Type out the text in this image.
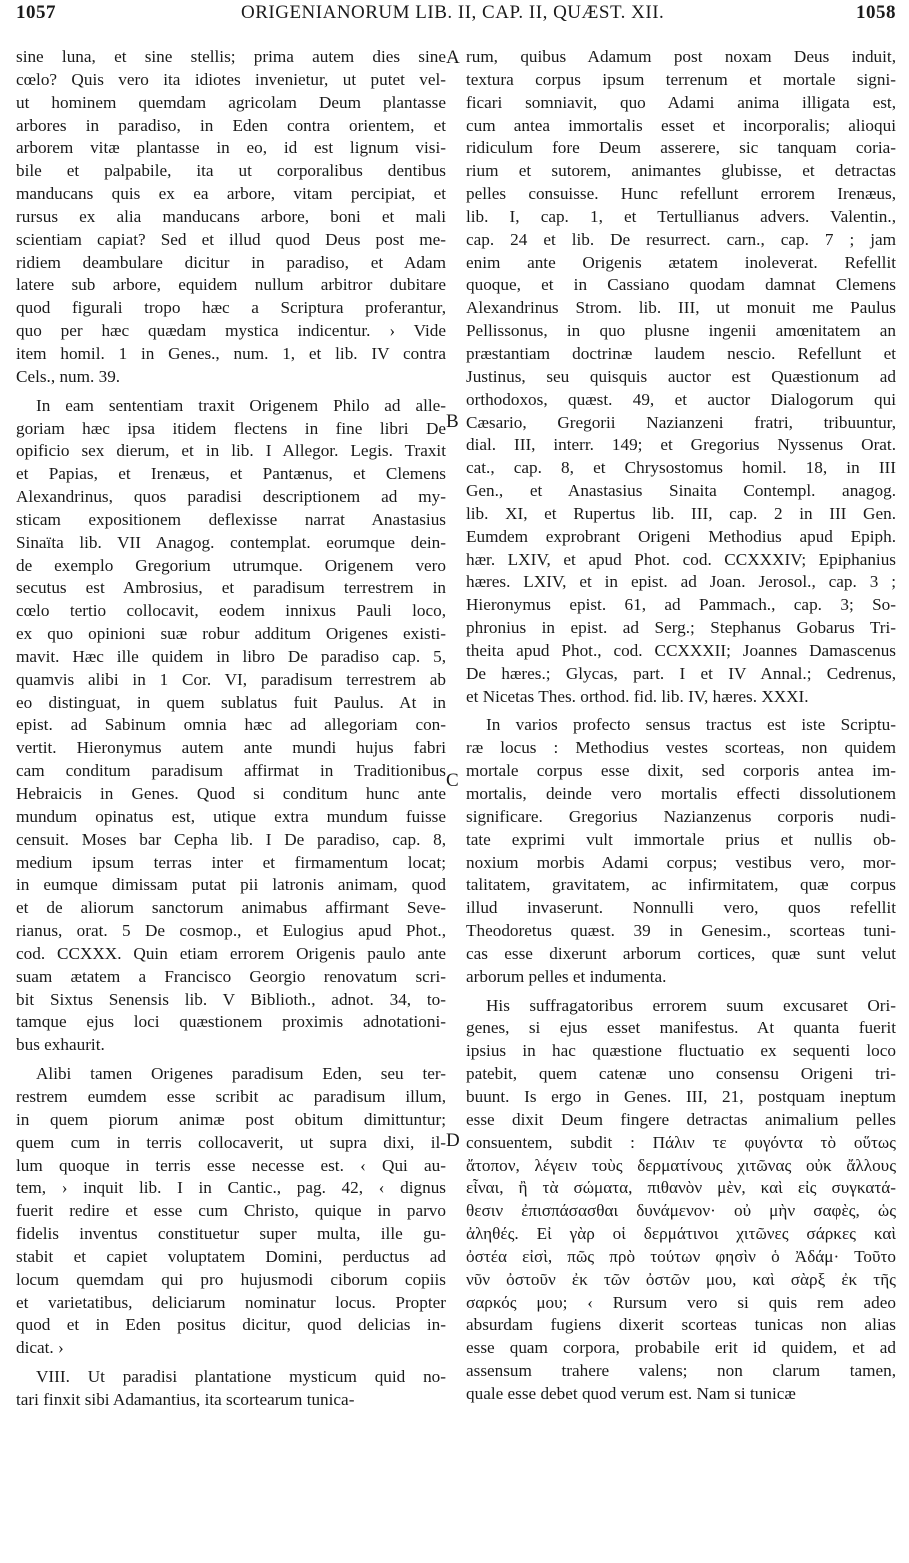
1057	ORIGENIANORUM LIB. II, CAP. II, QUÆST. XII.	1058
A
B
C
D
sine luna, et sine stellis; prima autem dies sine
cœlo? Quis vero ita idiotes invenietur, ut putet vel-
ut hominem quemdam agricolam Deum plantasse
arbores in paradiso, in Eden contra orientem, et
arborem vitæ plantasse in eo, id est lignum visi-
bile et palpabile, ita ut corporalibus dentibus
manducans quis ex ea arbore, vitam percipiat, et
rursus ex alia manducans arbore, boni et mali
scientiam capiat? Sed et illud quod Deus post me-
ridiem deambulare dicitur in paradiso, et Adam
latere sub arbore, equidem nullum arbitror dubitare
quod figurali tropo hæc a Scriptura proferantur,
quo per hæc quædam mystica indicentur. › Vide
item homil. 1 in Genes., num. 1, et lib. IV contra
Cels., num. 39.
In eam sententiam traxit Origenem Philo ad alle-
goriam hæc ipsa itidem flectens in fine libri De
opificio sex dierum, et in lib. I Allegor. Legis. Traxit
et Papias, et Irenæus, et Pantænus, et Clemens
Alexandrinus, quos paradisi descriptionem ad my-
sticam expositionem deflexisse narrat Anastasius
Sinaïta lib. VII Anagog. contemplat. eorumque dein-
de exemplo Gregorium utrumque. Origenem vero
secutus est Ambrosius, et paradisum terrestrem in
cœlo tertio collocavit, eodem innixus Pauli loco,
ex quo opinioni suæ robur additum Origenes existi-
mavit. Hæc ille quidem in libro De paradiso cap. 5,
quamvis alibi in 1 Cor. VI, paradisum terrestrem ab
eo distinguat, in quem sublatus fuit Paulus. At in
epist. ad Sabinum omnia hæc ad allegoriam con-
vertit. Hieronymus autem ante mundi hujus fabri
cam conditum paradisum affirmat in Traditionibus
Hebraicis in Genes. Quod si conditum hunc ante
mundum opinatus est, utique extra mundum fuisse
censuit. Moses bar Cepha lib. I De paradiso, cap. 8,
medium ipsum terras inter et firmamentum locat;
in eumque dimissam putat pii latronis animam, quod
et de aliorum sanctorum animabus affirmant Seve-
rianus, orat. 5 De cosmop., et Eulogius apud Phot.,
cod. CCXXX. Quin etiam errorem Origenis paulo ante
suam ætatem a Francisco Georgio renovatum scri-
bit Sixtus Senensis lib. V Biblioth., adnot. 34, to-
tamque ejus loci quæstionem proximis adnotationi-
bus exhaurit.
Alibi tamen Origenes paradisum Eden, seu ter-
restrem eumdem esse scribit ac paradisum illum,
in quem piorum animæ post obitum dimittuntur;
quem cum in terris collocaverit, ut supra dixi, il-
lum quoque in terris esse necesse est. ‹ Qui au-
tem, › inquit lib. I in Cantic., pag. 42, ‹ dignus
fuerit redire et esse cum Christo, quique in parvo
fidelis inventus constituetur super multa, ille gu-
stabit et capiet voluptatem Domini, perductus ad
locum quemdam qui pro hujusmodi ciborum copiis
et varietatibus, deliciarum nominatur locus. Propter
quod et in Eden positus dicitur, quod delicias in-
dicat. ›
VIII. Ut paradisi plantatione mysticum quid no-
tari finxit sibi Adamantius, ita scortearum tunica-
rum, quibus Adamum post noxam Deus induit,
textura corpus ipsum terrenum et mortale signi-
ficari somniavit, quo Adami anima illigata est,
cum antea immortalis esset et incorporalis; alioqui
ridiculum fore Deum asserere, sic tanquam coria-
rium et sutorem, animantes glubisse, et detractas
pelles consuisse. Hunc refellunt errorem Irenæus,
lib. I, cap. 1, et Tertullianus advers. Valentin.,
cap. 24 et lib. De resurrect. carn., cap. 7 ; jam
enim ante Origenis ætatem inoleverat. Refellit
quoque, et in Cassiano quodam damnat Clemens
Alexandrinus Strom. lib. III, ut monuit me Paulus
Pellissonus, in quo plusne ingenii amœnitatem an
præstantiam doctrinæ laudem nescio. Refellunt et
Justinus, seu quisquis auctor est Quæstionum ad
orthodoxos, quæst. 49, et auctor Dialogorum qui
Cæsario, Gregorii Nazianzeni fratri, tribuuntur,
dial. III, interr. 149; et Gregorius Nyssenus Orat.
cat., cap. 8, et Chrysostomus homil. 18, in III
Gen., et Anastasius Sinaita Contempl. anagog.
lib. XI, et Rupertus lib. III, cap. 2 in III Gen.
Eumdem exprobrant Origeni Methodius apud Epiph.
hær. LXIV, et apud Phot. cod. CCXXXIV; Epiphanius
hæres. LXIV, et in epist. ad Joan. Jerosol., cap. 3 ;
Hieronymus epist. 61, ad Pammach., cap. 3; So-
phronius in epist. ad Serg.; Stephanus Gobarus Tri-
theita apud Phot., cod. CCXXXII; Joannes Damascenus
De hæres.; Glycas, part. I et IV Annal.; Cedrenus,
et Nicetas Thes. orthod. fid. lib. IV, hæres. XXXI.
In varios profecto sensus tractus est iste Scriptu-
ræ locus : Methodius vestes scorteas, non quidem
mortale corpus esse dixit, sed corporis antea im-
mortalis, deinde vero mortalis effecti dissolutionem
significare. Gregorius Nazianzenus corporis nudi-
tate exprimi vult immortale prius et nullis ob-
noxium morbis Adami corpus; vestibus vero, mor-
talitatem, gravitatem, ac infirmitatem, quæ corpus
illud invaserunt. Nonnulli vero, quos refellit
Theodoretus quæst. 39 in Genesim., scorteas tuni-
cas esse dixerunt arborum cortices, quæ sunt velut
arborum pelles et indumenta.
His suffragatoribus errorem suum excusaret Ori-
genes, si ejus esset manifestus. At quanta fuerit
ipsius in hac quæstione fluctuatio ex sequenti loco
patebit, quem catenæ uno consensu Origeni tri-
buunt. Is ergo in Genes. III, 21, postquam ineptum
esse dixit Deum fingere detractas animalium pelles
consuentem, subdit : Πάλιν τε φυγόντα τὸ οὕτως
ἄτοπον, λέγειν τοὺς δερματίνους χιτῶνας οὐκ ἄλλους
εἶναι, ἢ τὰ σώματα, πιθανὸν μὲν, καὶ εἰς συγκατά-
θεσιν ἐπισπάσασθαι δυνάμενον· οὐ μὴν σαφὲς, ὡς
ἀληθές. Εἰ γὰρ οἱ δερμάτινοι χιτῶνες σάρκες καὶ
ὀστέα εἰσὶ, πῶς πρὸ τούτων φησὶν ὁ Ἀδάμ· Τοῦτο
νῦν ὀστοῦν ἐκ τῶν ὀστῶν μου, καὶ σὰρξ ἐκ τῆς
σαρκός μου; ‹ Rursum vero si quis rem adeo
absurdam fugiens dixerit scorteas tunicas non alias
esse quam corpora, probabile erit id quidem, et ad
assensum trahere valens; non clarum tamen,
quale esse debet quod verum est. Nam si tunicæ
